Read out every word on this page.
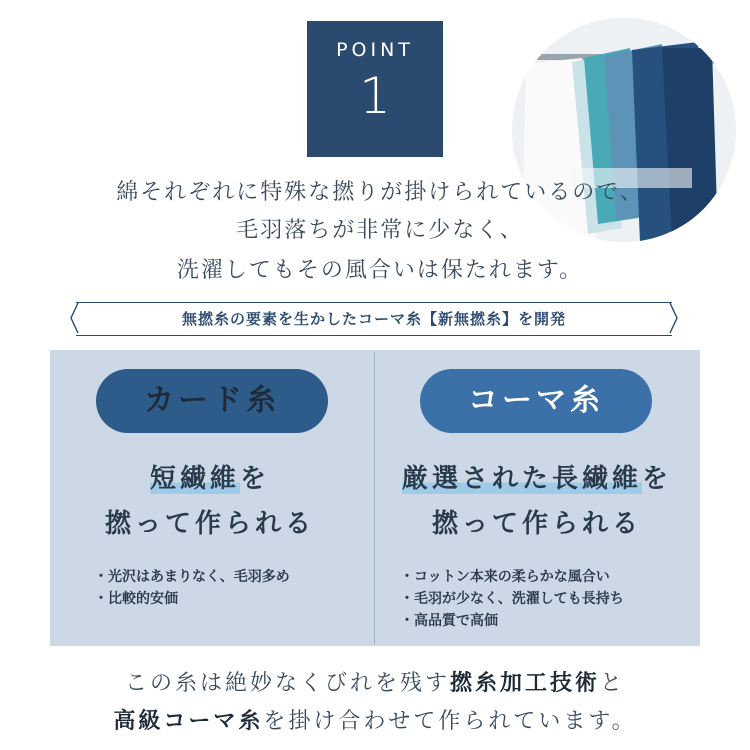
POINT
1
綿それぞれに特殊な撚りが掛けられているので、
毛羽落ちが非常に少なく、
洗濯してもその風合いは保たれます。
無撚糸の要素を生かしたコーマ糸【新無撚糸】を開発
カード糸	コーマ糸
短繊維を
撚って作られる
厳選された長繊維を
撚って作られる
・光沢はあまりなく、毛羽多め
・比較的安価
・コットン本来の柔らかな風合い
・毛羽が少なく、洗濯しても長持ち
・高品質で高価
この糸は絶妙なくびれを残す撚糸加工技術と
高級コーマ糸を掛け合わせて作られています。
